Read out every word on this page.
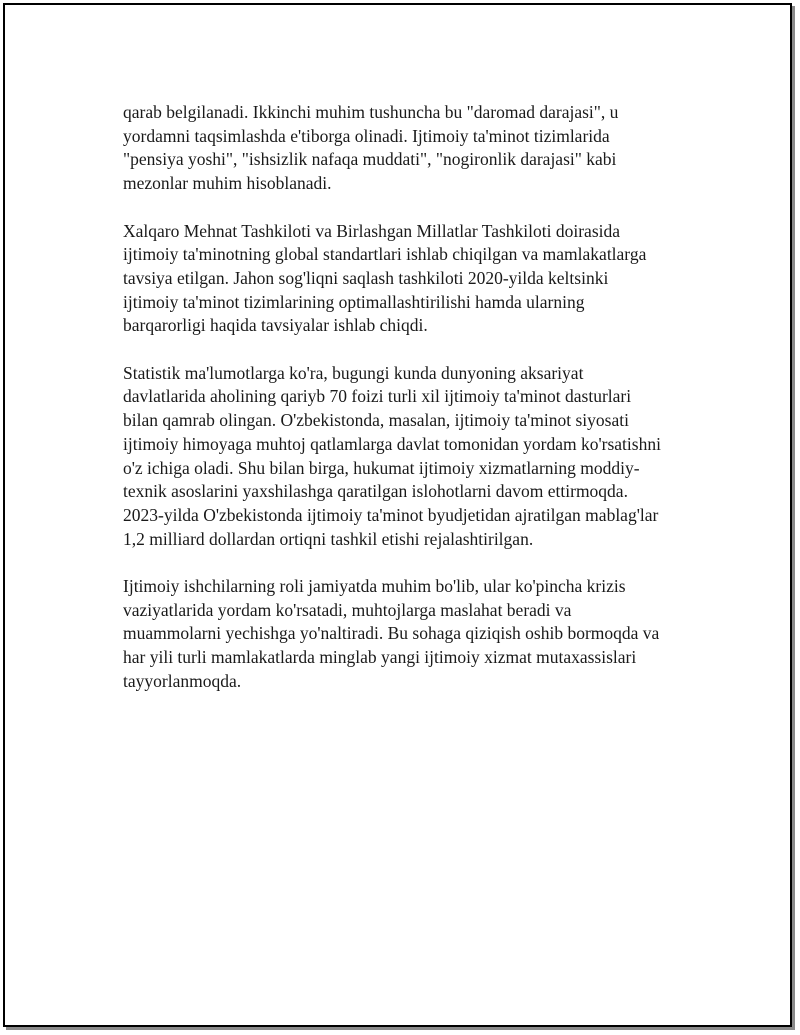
qarab belgilanadi. Ikkinchi muhim tushuncha bu "daromad darajasi", u
yordamni taqsimlashda e'tiborga olinadi. Ijtimoiy ta'minot tizimlarida
"pensiya yoshi", "ishsizlik nafaqa muddati", "nogironlik darajasi" kabi
mezonlar muhim hisoblanadi.

Xalqaro Mehnat Tashkiloti va Birlashgan Millatlar Tashkiloti doirasida
ijtimoiy ta'minotning global standartlari ishlab chiqilgan va mamlakatlarga
tavsiya etilgan. Jahon sog'liqni saqlash tashkiloti 2020-yilda keltsinki
ijtimoiy ta'minot tizimlarining optimallashtirilishi hamda ularning
barqarorligi haqida tavsiyalar ishlab chiqdi.

Statistik ma'lumotlarga ko'ra, bugungi kunda dunyoning aksariyat
davlatlarida aholining qariyb 70 foizi turli xil ijtimoiy ta'minot dasturlari
bilan qamrab olingan. O'zbekistonda, masalan, ijtimoiy ta'minot siyosati
ijtimoiy himoyaga muhtoj qatlamlarga davlat tomonidan yordam ko'rsatishni
o'z ichiga oladi. Shu bilan birga, hukumat ijtimoiy xizmatlarning moddiy-
texnik asoslarini yaxshilashga qaratilgan islohotlarni davom ettirmoqda.
2023-yilda O'zbekistonda ijtimoiy ta'minot byudjetidan ajratilgan mablag'lar
1,2 milliard dollardan ortiqni tashkil etishi rejalashtirilgan.

Ijtimoiy ishchilarning roli jamiyatda muhim bo'lib, ular ko'pincha krizis
vaziyatlarida yordam ko'rsatadi, muhtojlarga maslahat beradi va
muammolarni yechishga yo'naltiradi. Bu sohaga qiziqish oshib bormoqda va
har yili turli mamlakatlarda minglab yangi ijtimoiy xizmat mutaxassislari
tayyorlanmoqda.
